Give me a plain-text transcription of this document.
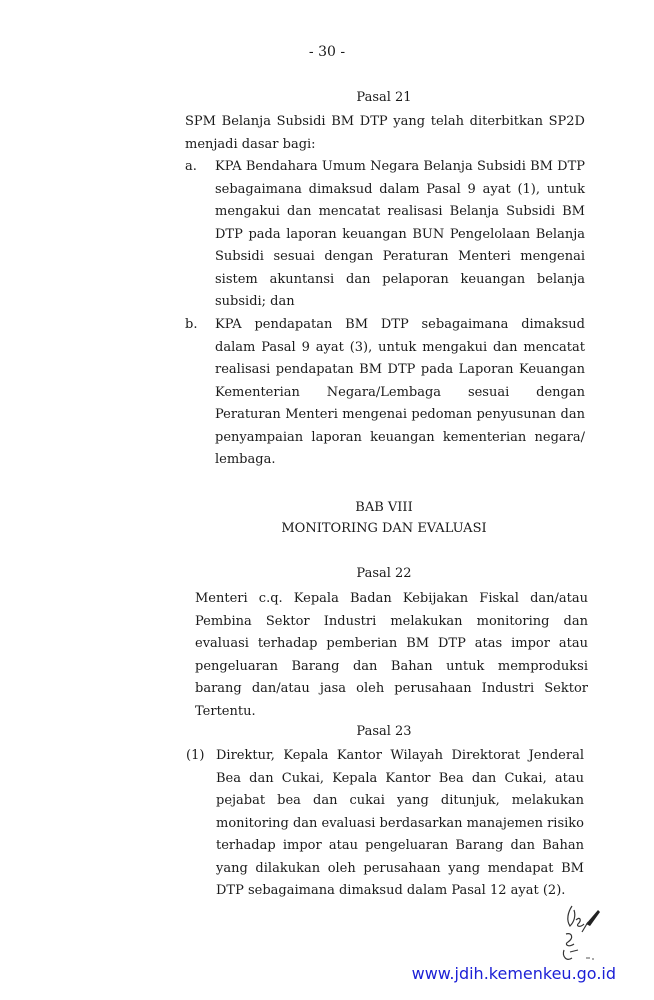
- 30 -
Pasal 21
SPM Belanja Subsidi BM DTP yang telah diterbitkan SP2D menjadi dasar bagi:
a. KPA Bendahara Umum Negara Belanja Subsidi BM DTP sebagaimana dimaksud dalam Pasal 9 ayat (1), untuk mengakui dan mencatat realisasi Belanja Subsidi BM DTP pada laporan keuangan BUN Pengelolaan Belanja Subsidi sesuai dengan Peraturan Menteri mengenai sistem akuntansi dan pelaporan keuangan belanja subsidi; dan
b. KPA pendapatan BM DTP sebagaimana dimaksud dalam Pasal 9 ayat (3), untuk mengakui dan mencatat realisasi pendapatan BM DTP pada Laporan Keuangan Kementerian Negara/Lembaga sesuai dengan Peraturan Menteri mengenai pedoman penyusunan dan penyampaian laporan keuangan kementerian negara/ lembaga.
BAB VIII
MONITORING DAN EVALUASI
Pasal 22
Menteri c.q. Kepala Badan Kebijakan Fiskal dan/atau Pembina Sektor Industri melakukan monitoring dan evaluasi terhadap pemberian BM DTP atas impor atau pengeluaran Barang dan Bahan untuk memproduksi barang dan/atau jasa oleh perusahaan Industri Sektor Tertentu.
Pasal 23
(1) Direktur, Kepala Kantor Wilayah Direktorat Jenderal Bea dan Cukai, Kepala Kantor Bea dan Cukai, atau pejabat bea dan cukai yang ditunjuk, melakukan monitoring dan evaluasi berdasarkan manajemen risiko terhadap impor atau pengeluaran Barang dan Bahan yang dilakukan oleh perusahaan yang mendapat BM DTP sebagaimana dimaksud dalam Pasal 12 ayat (2).
www.jdih.kemenkeu.go.id
